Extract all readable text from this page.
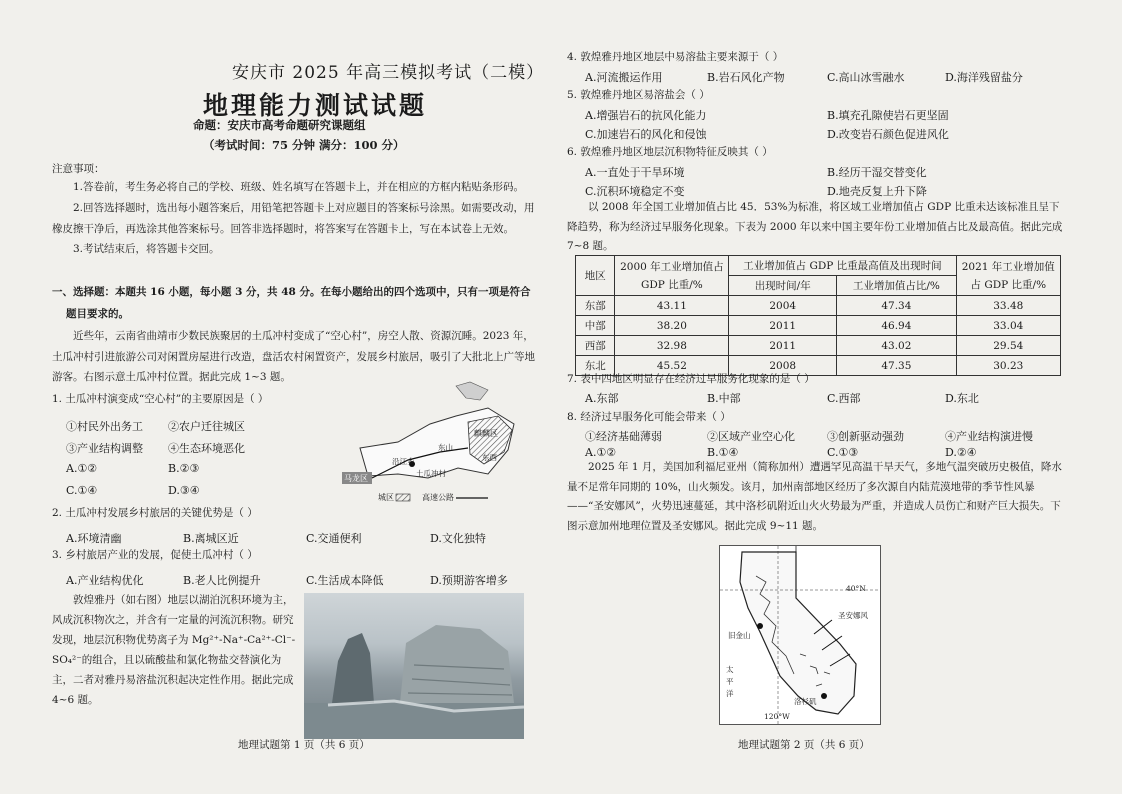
安庆市 2025 年高三模拟考试（二模）
地理能力测试试题
命题：安庆市高考命题研究课题组
（考试时间：75 分钟 满分：100 分）
注意事项：
1.答卷前，考生务必将自己的学校、班级、姓名填写在答题卡上，并在相应的方框内粘贴条形码。
2.回答选择题时，选出每小题答案后，用铅笔把答题卡上对应题目的答案标号涂黑。如需要改动，用橡皮擦干净后，再选涂其他答案标号。回答非选择题时，将答案写在答题卡上，写在本试卷上无效。
3.考试结束后，将答题卡交回。
一、选择题：本题共 16 小题，每小题 3 分，共 48 分。在每小题给出的四个选项中，只有一项是符合
题目要求的。
近些年，云南省曲靖市少数民族聚居的土瓜冲村变成了“空心村”，房空人散、资源沉睡。2023 年，土瓜冲村引进旅游公司对闲置房屋进行改造，盘活农村闲置资产，发展乡村旅居，吸引了大批北上广等地游客。右图示意土瓜冲村位置。据此完成 1~3 题。
1. 土瓜冲村演变成“空心村”的主要原因是（ ）
①村民外出务工 ②农户迁往城区
③产业结构调整 ④生态环境恶化
A.①②	B.②③
C.①④	D.③④
麒麟区
马龙区
土瓜冲村
沿江乡
东山
东西
城区	高速公路
2. 土瓜冲村发展乡村旅居的关键优势是（ ）
A.环境清幽	B.离城区近	C.交通便利	D.文化独特
3. 乡村旅居产业的发展，促使土瓜冲村（ ）
A.产业结构优化	B.老人比例提升	C.生活成本降低	D.预期游客增多
敦煌雅丹（如右图）地层以湖泊沉积环境为主，风成沉积物次之，并含有一定量的河流沉积物。研究发现，地层沉积物优势离子为 Mg²⁺-Na⁺-Ca²⁺-Cl⁻-SO₄²⁻的组合，且以硫酸盐和氯化物盐交替演化为主，二者对雅丹易溶盐沉积起决定性作用。据此完成 4~6 题。
地理试题第 1 页（共 6 页）
4. 敦煌雅丹地区地层中易溶盐主要来源于（ ）
A.河流搬运作用	B.岩石风化产物	C.高山冰雪融水	D.海洋残留盐分
5. 敦煌雅丹地区易溶盐会（ ）
A.增强岩石的抗风化能力	B.填充孔隙使岩石更坚固
C.加速岩石的风化和侵蚀	D.改变岩石颜色促进风化
6. 敦煌雅丹地区地层沉积物特征反映其（ ）
A.一直处于干旱环境	B.经历干湿交替变化
C.沉积环境稳定不变	D.地壳反复上升下降
以 2008 年全国工业增加值占比 45．53%为标准，将区域工业增加值占 GDP 比重未达该标准且呈下降趋势，称为经济过早服务化现象。下表为 2000 年以来中国主要年份工业增加值占比及最高值。据此完成 7~8 题。
地区	2000 年工业增加值占 GDP 比重/%	工业增加值占 GDP 比重最高值及出现时间		2021 年工业增加值占 GDP 比重/%
		出现时间/年	工业增加值占比/%	
东部	43.11	2004	47.34	33.48
中部	38.20	2011	46.94	33.04
西部	32.98	2011	43.02	29.54
东北	45.52	2008	47.35	30.23
7. 表中四地区明显存在经济过早服务化现象的是（ ）
A.东部	B.中部	C.西部	D.东北
8. 经济过早服务化可能会带来（ ）
①经济基础薄弱	②区域产业空心化	③创新驱动强劲	④产业结构演进慢
A.①②	B.①④	C.①③	D.②④
2025 年 1 月，美国加利福尼亚州（简称加州）遭遇罕见高温干旱天气，多地气温突破历史极值，降水量不足常年同期的 10%，山火频发。该月，加州南部地区经历了多次源自内陆荒漠地带的季节性风暴——“圣安娜风”，火势迅速蔓延，其中洛杉矶附近山火火势最为严重，并造成人员伤亡和财产巨大损失。下图示意加州地理位置及圣安娜风。据此完成 9~11 题。
40°N
圣安娜风
旧金山
太平洋
洛杉矶
120°W
地理试题第 2 页（共 6 页）
